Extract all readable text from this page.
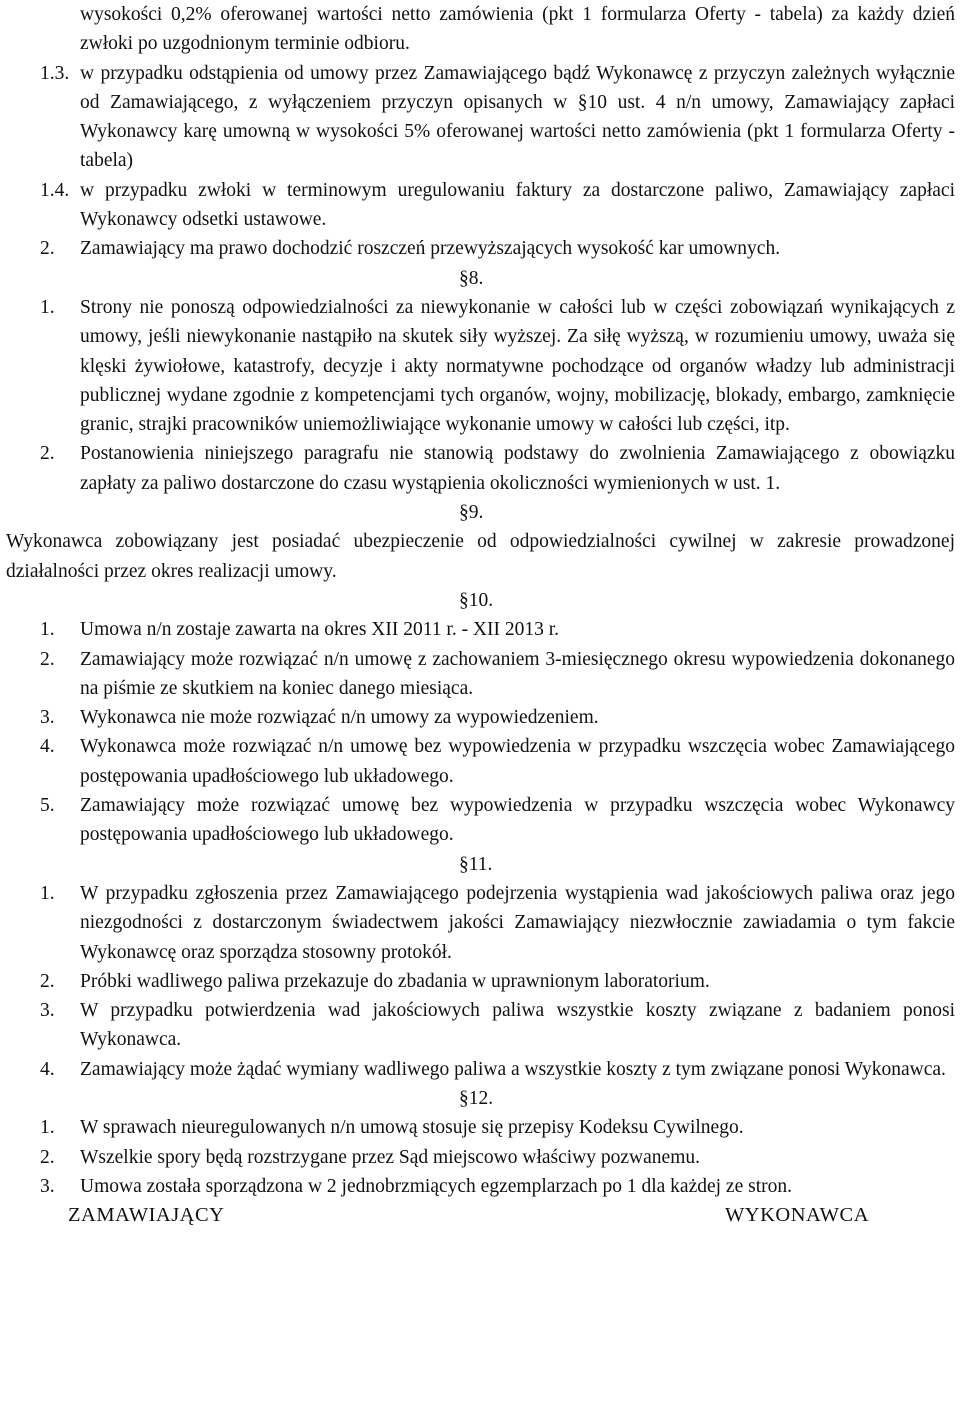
wysokości 0,2% oferowanej wartości netto zamówienia (pkt 1 formularza Oferty - tabela) za każdy dzień zwłoki po uzgodnionym terminie odbioru.
1.3. w przypadku odstąpienia od umowy przez Zamawiającego bądź Wykonawcę z przyczyn zależnych wyłącznie od Zamawiającego, z wyłączeniem przyczyn opisanych w §10 ust. 4 n/n umowy, Zamawiający zapłaci Wykonawcy karę umowną w wysokości 5% oferowanej wartości netto zamówienia (pkt 1 formularza Oferty - tabela)
1.4. w przypadku zwłoki w terminowym uregulowaniu faktury za dostarczone paliwo, Zamawiający zapłaci Wykonawcy odsetki ustawowe.
2.	Zamawiający ma prawo dochodzić roszczeń przewyższających wysokość kar umownych.
§8.
1.	Strony nie ponoszą odpowiedzialności za niewykonanie w całości lub w części zobowiązań wynikających z umowy, jeśli niewykonanie nastąpiło na skutek siły wyższej. Za siłę wyższą, w rozumieniu umowy, uważa się klęski żywiołowe, katastrofy, decyzje i akty normatywne pochodzące od organów władzy lub administracji publicznej wydane zgodnie z kompetencjami tych organów, wojny, mobilizację, blokady, embargo, zamknięcie granic, strajki pracowników uniemożliwiające wykonanie umowy w całości lub części, itp.
2.	Postanowienia niniejszego paragrafu nie stanowią podstawy do zwolnienia Zamawiającego z obowiązku zapłaty za paliwo dostarczone do czasu wystąpienia okoliczności wymienionych w ust. 1.
§9.
Wykonawca zobowiązany jest posiadać ubezpieczenie od odpowiedzialności cywilnej w zakresie prowadzonej działalności przez okres realizacji umowy.
§10.
1.	Umowa n/n zostaje zawarta na okres XII 2011 r. - XII 2013 r.
2.	Zamawiający może rozwiązać n/n umowę z zachowaniem 3-miesięcznego okresu wypowiedzenia dokonanego na piśmie ze skutkiem na koniec danego miesiąca.
3.	Wykonawca nie może rozwiązać n/n umowy za wypowiedzeniem.
4.	Wykonawca może rozwiązać n/n umowę bez wypowiedzenia w przypadku wszczęcia wobec Zamawiającego postępowania upadłościowego lub układowego.
5.	Zamawiający może rozwiązać umowę bez wypowiedzenia w przypadku wszczęcia wobec Wykonawcy postępowania upadłościowego lub układowego.
§11.
1.	W przypadku zgłoszenia przez Zamawiającego podejrzenia wystąpienia wad jakościowych paliwa oraz jego niezgodności z dostarczonym świadectwem jakości Zamawiający niezwłocznie zawiadamia o tym fakcie Wykonawcę oraz sporządza stosowny protokół.
2.	Próbki wadliwego paliwa przekazuje do zbadania w uprawnionym laboratorium.
3.	W przypadku potwierdzenia wad jakościowych paliwa wszystkie koszty związane z badaniem ponosi Wykonawca.
4.	Zamawiający może żądać wymiany wadliwego paliwa a wszystkie koszty z tym związane ponosi Wykonawca.
§12.
1.	W sprawach nieuregulowanych n/n umową stosuje się przepisy Kodeksu Cywilnego.
2.	Wszelkie spory będą rozstrzygane przez Sąd miejscowo właściwy pozwanemu.
3.	Umowa została sporządzona w 2 jednobrzmiących egzemplarzach po 1 dla każdej ze stron.
ZAMAWIAJĄCY	WYKONAWCA
